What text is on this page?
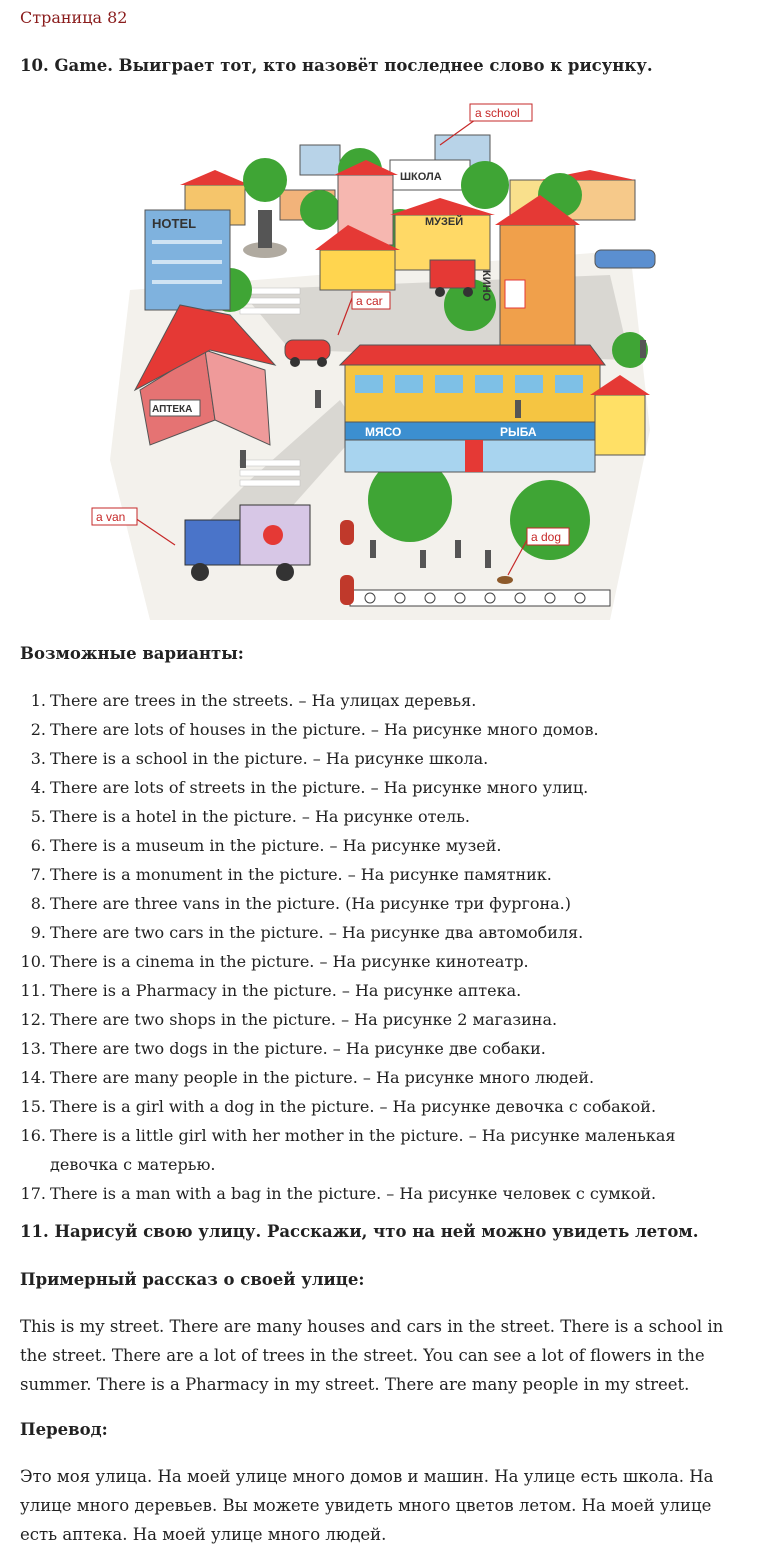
Страница 82
10. Game. Выиграет тот, кто назовёт последнее слово к рисунку.
ШКОЛА
HOTEL	МУЗЕЙ
КИНО
АПТЕКА
МЯСО	РЫБА
a school
a car
a van
a dog
Возможные варианты:
1. There are trees in the streets. – На улицах деревья.
2. There are lots of houses in the picture. – На рисунке много домов.
3. There is a school in the picture. – На рисунке школа.
4. There are lots of streets in the picture. – На рисунке много улиц.
5. There is a hotel in the picture. – На рисунке отель.
6. There is a museum in the picture. – На рисунке музей.
7. There is a monument in the picture. – На рисунке памятник.
8. There are three vans in the picture. (На рисунке три фургона.)
9. There are two cars in the picture. – На рисунке два автомобиля.
10. There is a cinema in the picture. – На рисунке кинотеатр.
11. There is a Pharmacy in the picture. – На рисунке аптека.
12. There are two shops in the picture. – На рисунке 2 магазина.
13. There are two dogs in the picture. – На рисунке две собаки.
14. There are many people in the picture. – На рисунке много людей.
15. There is a girl with a dog in the picture. – На рисунке девочка с собакой.
16. There is a little girl with her mother in the picture. – На рисунке маленькая девочка с матерью.
17. There is a man with a bag in the picture. – На рисунке человек с сумкой.
11. Нарисуй свою улицу. Расскажи, что на ней можно увидеть летом.
Примерный рассказ о своей улице:
This is my street. There are many houses and cars in the street. There is a school in the street. There are a lot of trees in the street. You can see a lot of flowers in the summer. There is a Pharmacy in my street. There are many people in my street.
Перевод:
Это моя улица. На моей улице много домов и машин. На улице есть школа. На улице много деревьев. Вы можете увидеть много цветов летом. На моей улице есть аптека. На моей улице много людей.
